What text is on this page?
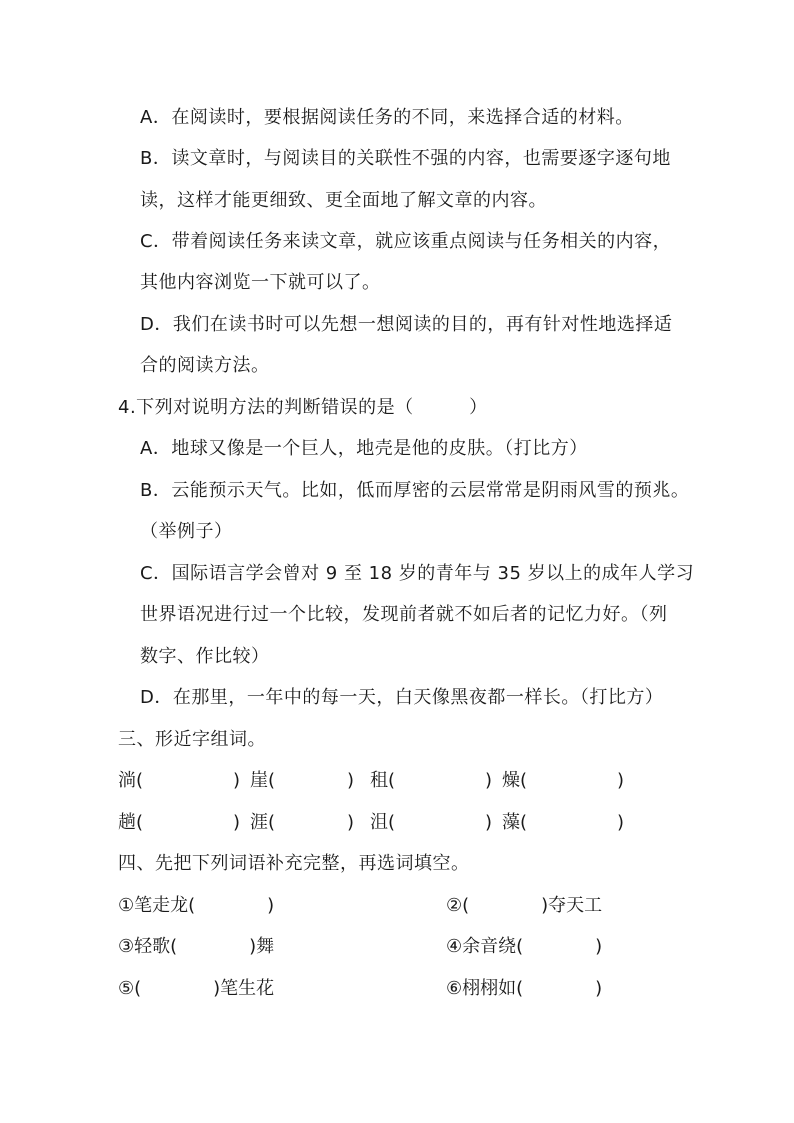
A．在阅读时，要根据阅读任务的不同，来选择合适的材料。
B．读文章时，与阅读目的关联性不强的内容，也需要逐字逐句地
读，这样才能更细致、更全面地了解文章的内容。
C．带着阅读任务来读文章，就应该重点阅读与任务相关的内容，
其他内容浏览一下就可以了。
D．我们在读书时可以先想一想阅读的目的，再有针对性地选择适
合的阅读方法。
4.下列对说明方法的判断错误的是（　　　）
A．地球又像是一个巨人，地壳是他的皮肤。（打比方）
B．云能预示天气。比如，低而厚密的云层常常是阴雨风雪的预兆。
（举例子）
C．国际语言学会曾对 9 至 18 岁的青年与 35 岁以上的成年人学习
世界语况进行过一个比较，发现前者就不如后者的记忆力好。（列
数字、作比较）
D．在那里，一年中的每一天，白天像黑夜都一样长。（打比方）
三、形近字组词。
淌(　　　　　) 崖(　　　　) 租(　　　　　) 燥(　　　　　)
趟(　　　　　) 涯(　　　　) 沮(　　　　　) 藻(　　　　　)
四、先把下列词语补充完整，再选词填空。
①笔走龙(　　　　)	②(　　　　)夺天工
③轻歌(　　　　)舞	④余音绕(　　　　)
⑤(　　　　)笔生花	⑥栩栩如(　　　　)
